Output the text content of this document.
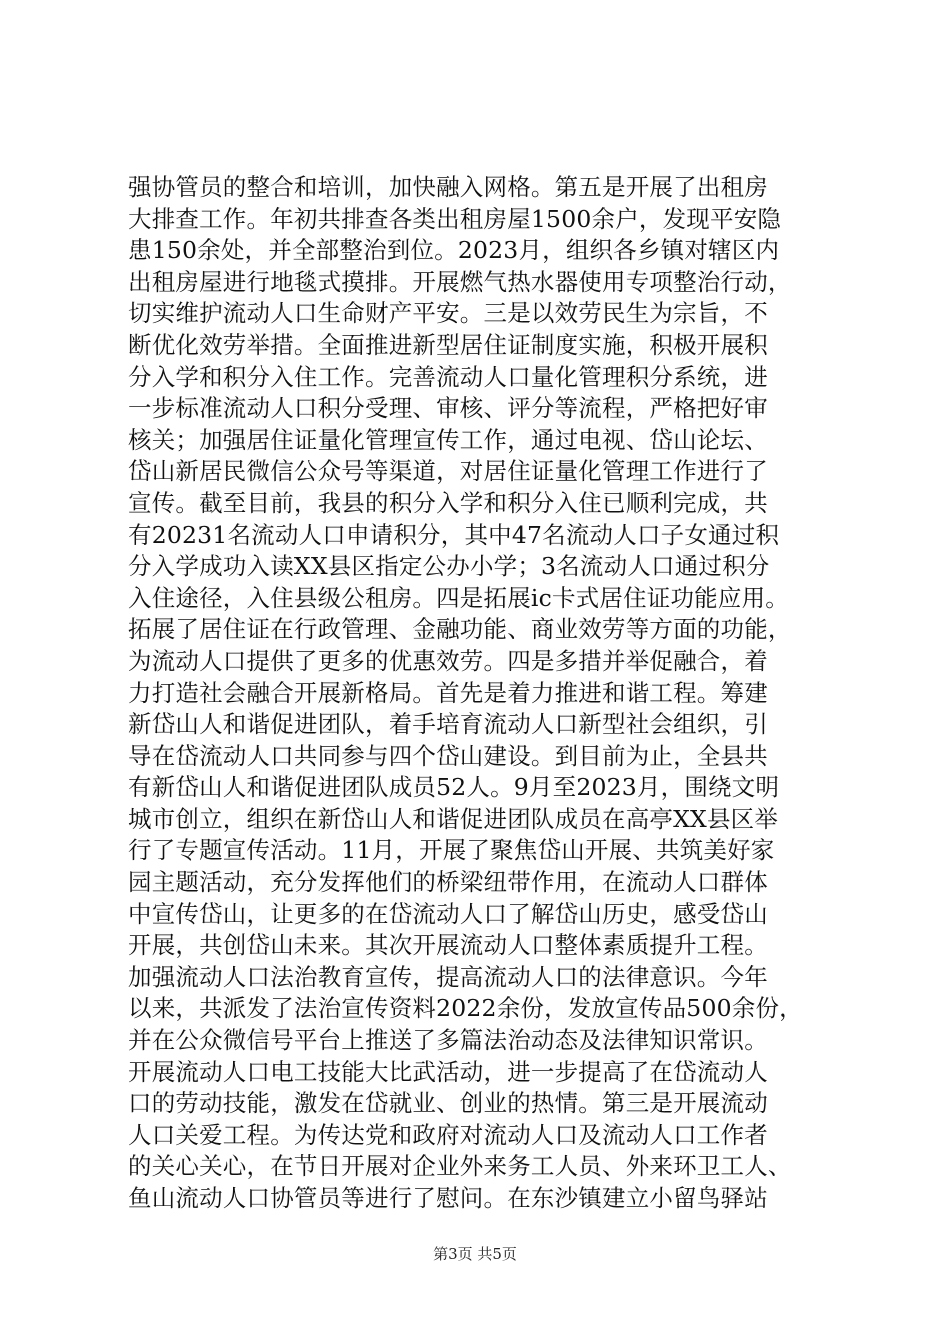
强协管员的整合和培训，加快融入网格。第五是开展了出租房
大排查工作。年初共排查各类出租房屋1500余户，发现平安隐
患150余处，并全部整治到位。2023月，组织各乡镇对辖区内
出租房屋进行地毯式摸排。开展燃气热水器使用专项整治行动，
切实维护流动人口生命财产平安。三是以效劳民生为宗旨，不
断优化效劳举措。全面推进新型居住证制度实施，积极开展积
分入学和积分入住工作。完善流动人口量化管理积分系统，进
一步标准流动人口积分受理、审核、评分等流程，严格把好审
核关；加强居住证量化管理宣传工作，通过电视、岱山论坛、
岱山新居民微信公众号等渠道，对居住证量化管理工作进行了
宣传。截至目前，我县的积分入学和积分入住已顺利完成，共
有20231名流动人口申请积分，其中47名流动人口子女通过积
分入学成功入读XX县区指定公办小学；3名流动人口通过积分
入住途径，入住县级公租房。四是拓展ic卡式居住证功能应用。
拓展了居住证在行政管理、金融功能、商业效劳等方面的功能，
为流动人口提供了更多的优惠效劳。四是多措并举促融合，着
力打造社会融合开展新格局。首先是着力推进和谐工程。筹建
新岱山人和谐促进团队，着手培育流动人口新型社会组织，引
导在岱流动人口共同参与四个岱山建设。到目前为止，全县共
有新岱山人和谐促进团队成员52人。9月至2023月，围绕文明
城市创立，组织在新岱山人和谐促进团队成员在高亭XX县区举
行了专题宣传活动。11月，开展了聚焦岱山开展、共筑美好家
园主题活动，充分发挥他们的桥梁纽带作用，在流动人口群体
中宣传岱山，让更多的在岱流动人口了解岱山历史，感受岱山
开展，共创岱山未来。其次开展流动人口整体素质提升工程。
加强流动人口法治教育宣传，提高流动人口的法律意识。今年
以来，共派发了法治宣传资料2022余份，发放宣传品500余份，
并在公众微信号平台上推送了多篇法治动态及法律知识常识。
开展流动人口电工技能大比武活动，进一步提高了在岱流动人
口的劳动技能，激发在岱就业、创业的热情。第三是开展流动
人口关爱工程。为传达党和政府对流动人口及流动人口工作者
的关心关心，在节日开展对企业外来务工人员、外来环卫工人、
鱼山流动人口协管员等进行了慰问。在东沙镇建立小留鸟驿站
第3页 共5页
